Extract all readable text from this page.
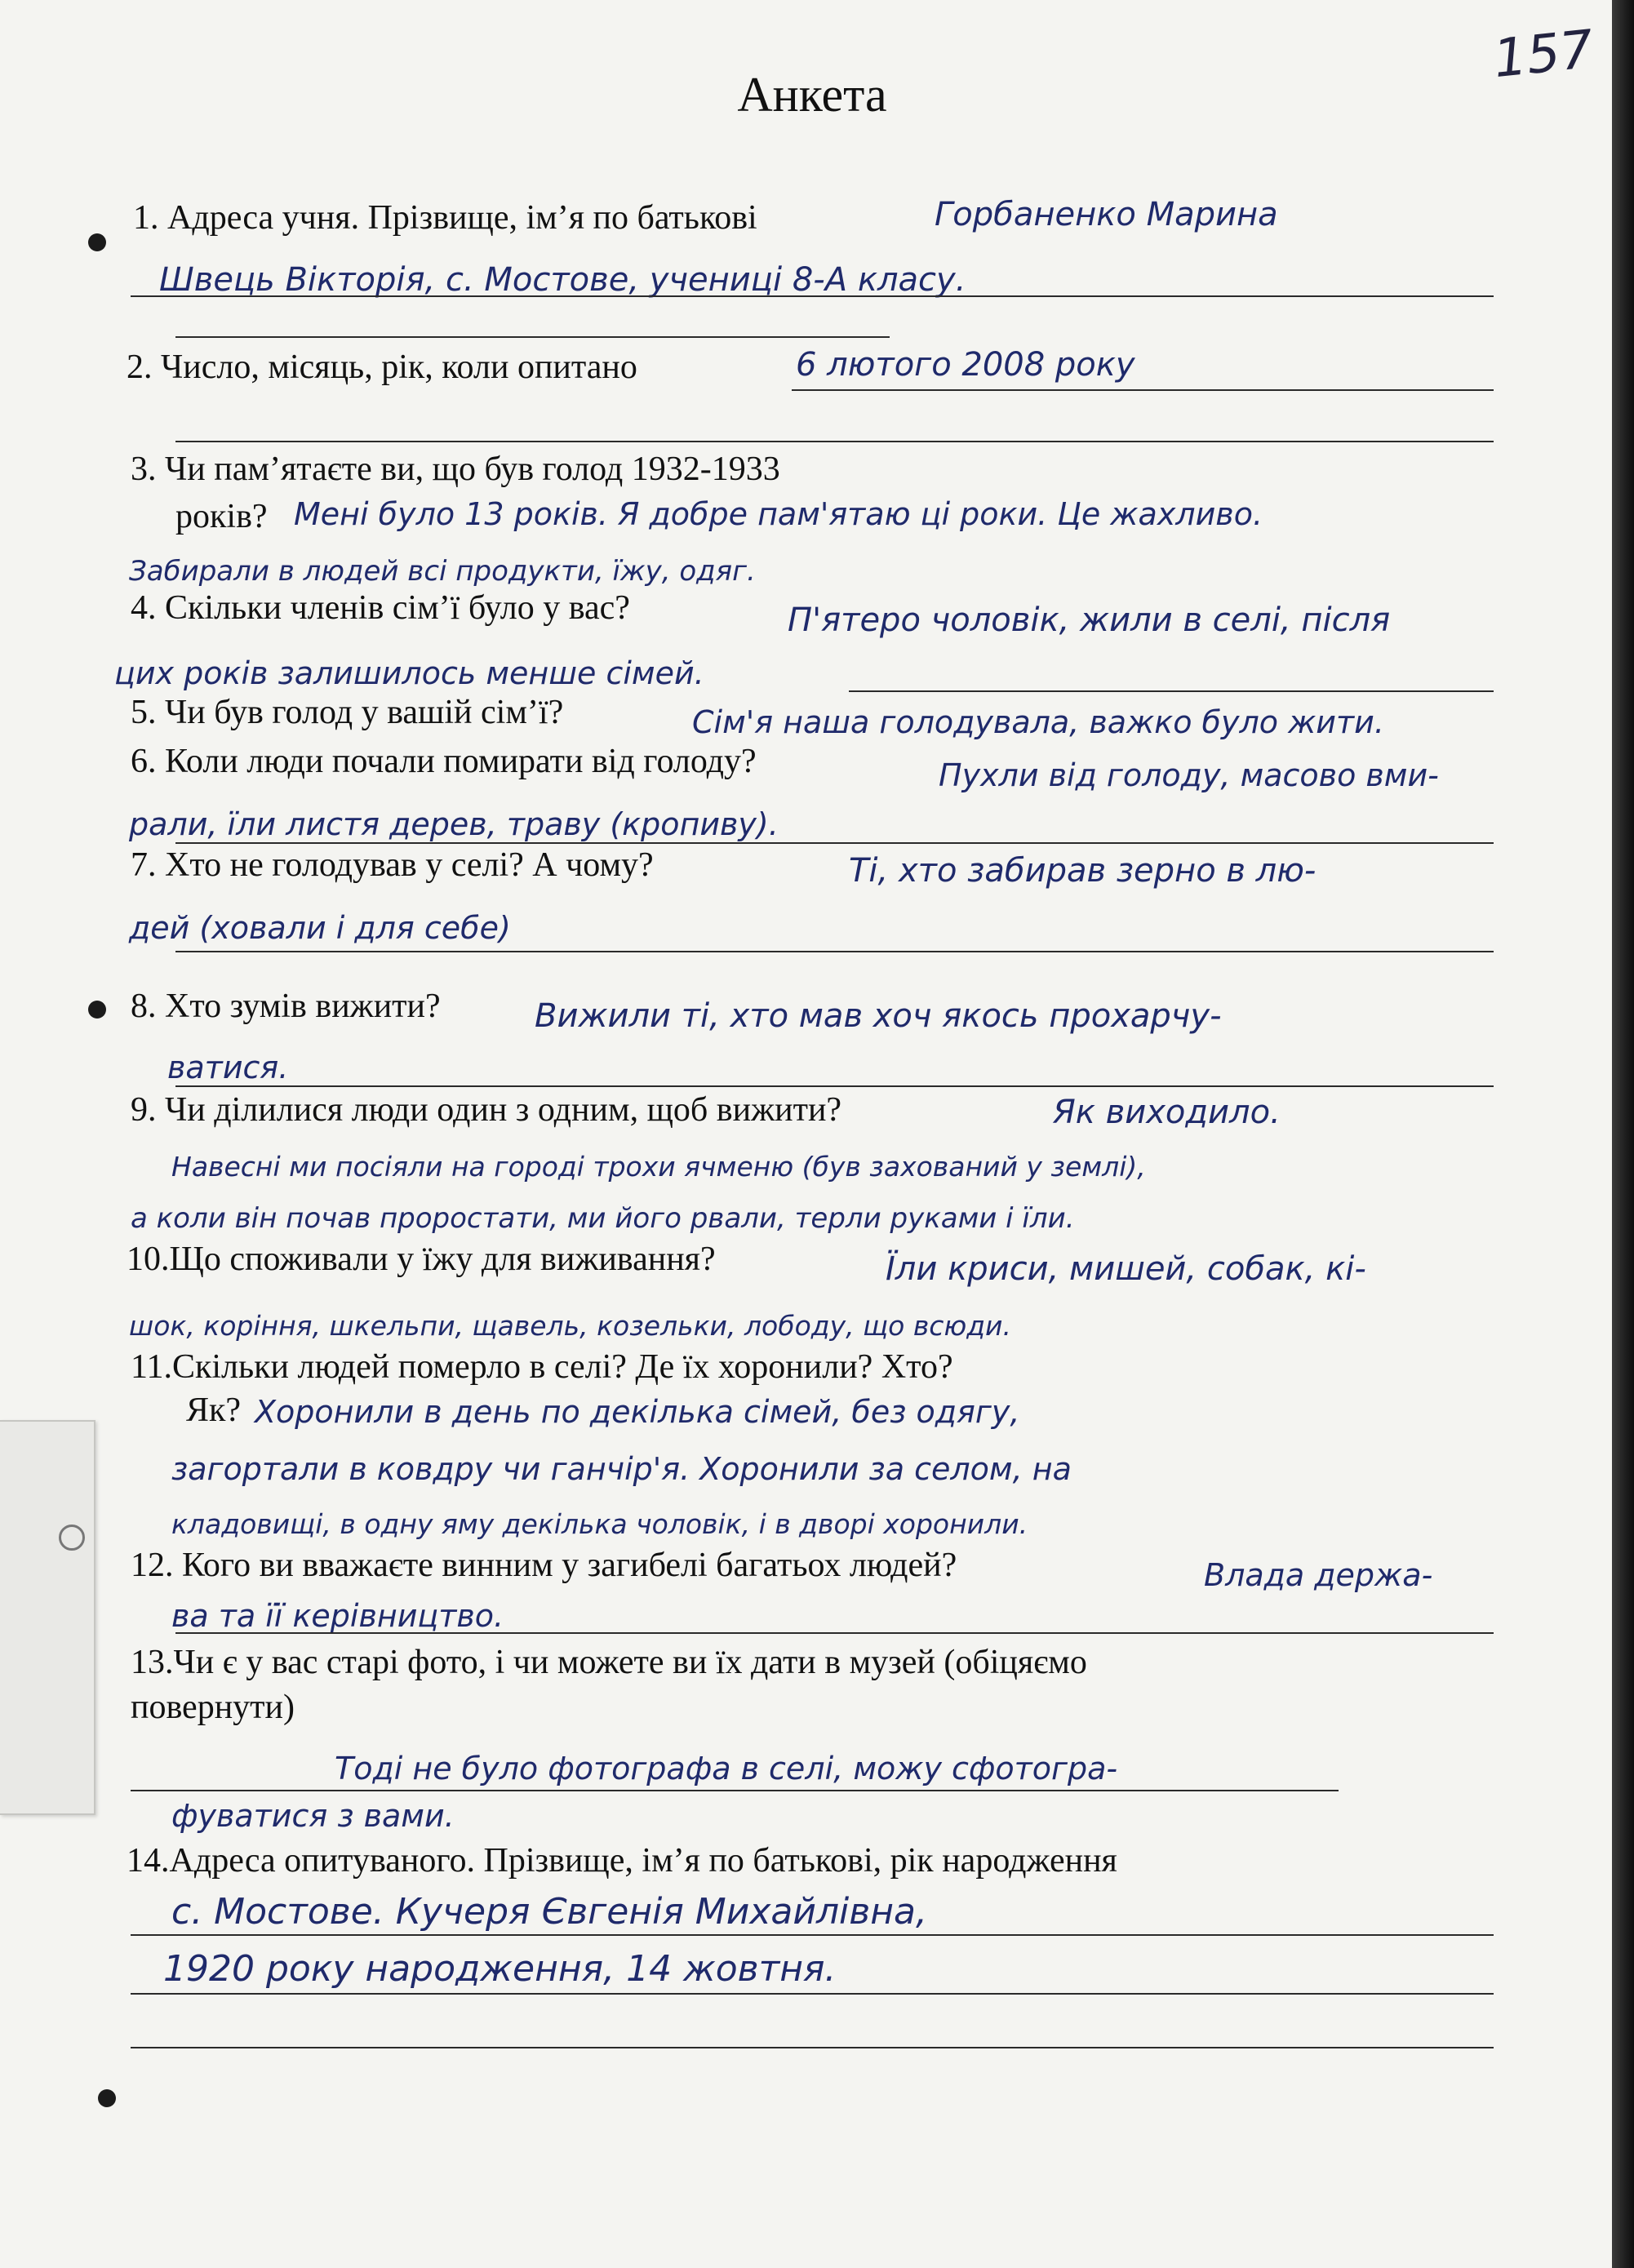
157
Анкета
1. Адреса учня. Прізвище, ім’я по батькові	Горбаненко Марина
Швець Вікторія, с. Мостове, учениці 8-А класу.
2. Число, місяць, рік, коли опитано	6 лютого 2008 року
3. Чи пам’ятаєте ви, що був голод 1932-1933
років? Мені було 13 років. Я добре пам'ятаю ці роки. Це жахливо.
Забирали в людей всі продукти, їжу, одяг.
4. Скільки членів сім’ї було у вас?	П'ятеро чоловік, жили в селі, після
цих років залишилось менше сімей.
5. Чи був голод у вашій сім’ї?	Сім'я наша голодувала, важко було жити.
6. Коли люди почали помирати від голоду?	Пухли від голоду, масово вми-
рали, їли листя дерев, траву (кропиву).
7. Хто не голодував у селі? А чому?	Ті, хто забирав зерно в лю-
дей (ховали і для себе)
8. Хто зумів вижити?	Вижили ті, хто мав хоч якось прохарчу-
ватися.
9. Чи ділилися люди один з одним, щоб вижити?	Як виходило.
Навесні ми посіяли на городі трохи ячменю (був захований у землі),
а коли він почав проростати, ми його рвали, терли руками і їли.
10.Що споживали у їжу для виживання?	Їли криси, мишей, собак, кі-
шок, коріння, шкельпи, щавель, козельки, лободу, що всюди.
11.Скільки людей померло в селі? Де їх хоронили? Хто?
Як? Хоронили в день по декілька сімей, без одягу,
загортали в ковдру чи ганчір'я. Хоронили за селом, на
кладовищі, в одну яму декілька чоловік, і в дворі хоронили.
12. Кого ви вважаєте винним у загибелі багатьох людей?	Влада держа-
ва та її керівництво.
13.Чи є у вас старі фото, і чи можете ви їх дати в музей (обіцяємо
повернути)
Тоді не було фотографа в селі, можу сфотогра-
фуватися з вами.
14.Адреса опитуваного. Прізвище, ім’я по батькові, рік народження
с. Мостове. Кучеря Євгенія Михайлівна,
1920 року народження, 14 жовтня.
